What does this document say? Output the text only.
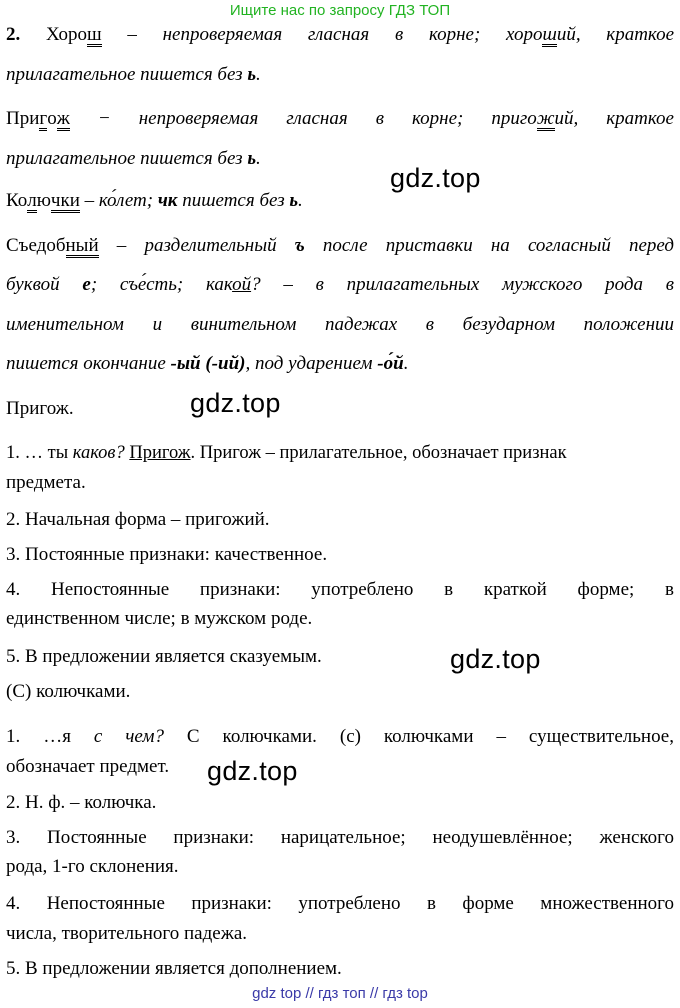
Ищите нас по запросу ГДЗ ТОП
2. Хорош – непроверяемая гласная в корне; хороший, краткое
прилагательное пишется без ь.
Пригож − непроверяемая гласная в корне; пригожий, краткое
прилагательное пишется без ь.
gdz.top
Колючки – ко́лет; чк пишется без ь.
Съедобный – разделительный ъ после приставки на согласный перед
буквой е; съе́сть; какой? – в прилагательных мужского рода в
именительном и винительном падежах в безударном положении
пишется окончание -ый (-ий), под ударением -о́й.
Пригож.	gdz.top
1. … ты каков? Пригож. Пригож – прилагательное, обозначает признак
предмета.
2. Начальная форма – пригожий.
3. Постоянные признаки: качественное.
4. Непостоянные признаки: употреблено в краткой форме; в
единственном числе; в мужском роде.
5. В предложении является сказуемым.	gdz.top
(С) колючками.
1. …я с чем? С колючками. (с) колючками – существительное,
обозначает предмет.	gdz.top
2. Н. ф. – колючка.
3. Постоянные признаки: нарицательное; неодушевлённое; женского
рода, 1-го склонения.
4. Непостоянные признаки: употреблено в форме множественного
числа, творительного падежа.
5. В предложении является дополнением.
gdz top // гдз топ // гдз top
